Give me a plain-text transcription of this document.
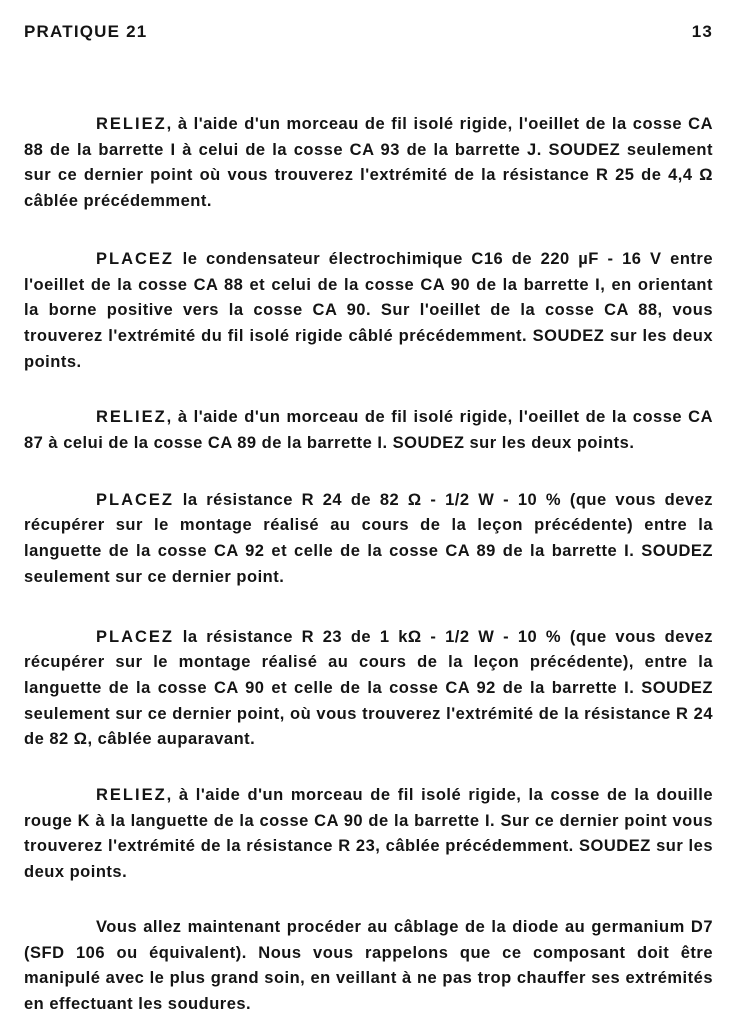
PRATIQUE 21	13

RELIEZ, à l'aide d'un morceau de fil isolé rigide, l'oeillet de la cosse CA 88 de la barrette I à celui de la cosse CA 93 de la barrette J. SOUDEZ seulement sur ce dernier point où vous trouverez l'extrémité de la résistance R 25 de 4,4 Ω câblée précédemment.

PLACEZ le condensateur électrochimique C16 de 220 µF - 16 V entre l'oeillet de la cosse CA 88 et celui de la cosse CA 90 de la barrette I, en orientant la borne positive vers la cosse CA 90. Sur l'oeillet de la cosse CA 88, vous trouverez l'extrémité du fil isolé rigide câblé précédemment. SOUDEZ sur les deux points.

RELIEZ, à l'aide d'un morceau de fil isolé rigide, l'oeillet de la cosse CA 87 à celui de la cosse CA 89 de la barrette I. SOUDEZ sur les deux points.

PLACEZ la résistance R 24 de 82 Ω - 1/2 W - 10 % (que vous devez récupérer sur le montage réalisé au cours de la leçon précédente) entre la languette de la cosse CA 92 et celle de la cosse CA 89 de la barrette I. SOUDEZ seulement sur ce dernier point.

PLACEZ la résistance R 23 de 1 kΩ - 1/2 W - 10 % (que vous devez récupérer sur le montage réalisé au cours de la leçon précédente), entre la languette de la cosse CA 90 et celle de la cosse CA 92 de la barrette I. SOUDEZ seulement sur ce dernier point, où vous trouverez l'extrémité de la résistance R 24 de 82 Ω, câblée auparavant.

RELIEZ, à l'aide d'un morceau de fil isolé rigide, la cosse de la douille rouge K à la languette de la cosse CA 90 de la barrette I. Sur ce dernier point vous trouverez l'extrémité de la résistance R 23, câblée précédemment. SOUDEZ sur les deux points.

Vous allez maintenant procéder au câblage de la diode au germanium D7 (SFD 106 ou équivalent). Nous vous rappelons que ce composant doit être manipulé avec le plus grand soin, en veillant à ne pas trop chauffer ses extrémités en effectuant les soudures.
